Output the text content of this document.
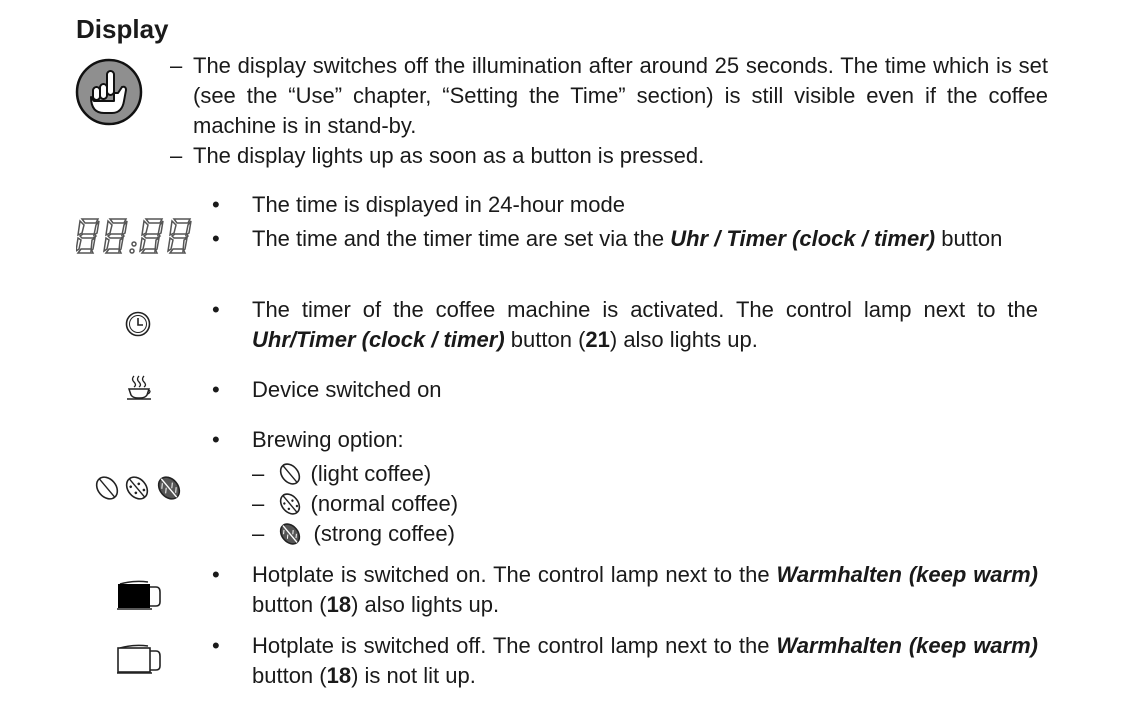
Display
– The display switches off the illumination after around 25 seconds. The time which is set (see the “Use” chapter, “Setting the Time” section) is still visible even if the coffee machine is in stand-by.
– The display lights up as soon as a button is pressed.
• The time is displayed in 24-hour mode
• The time and the timer time are set via the Uhr / Timer (clock / timer) button
• The timer of the coffee machine is activated. The control lamp next to the Uhr/Timer (clock / timer) button (21) also lights up.
• Device switched on
• Brewing option:
– (light coffee)
– (normal coffee)
– (strong coffee)
• Hotplate is switched on. The control lamp next to the Warmhalten (keep warm) button (18) also lights up.
• Hotplate is switched off. The control lamp next to the Warmhalten (keep warm) button (18) is not lit up.
